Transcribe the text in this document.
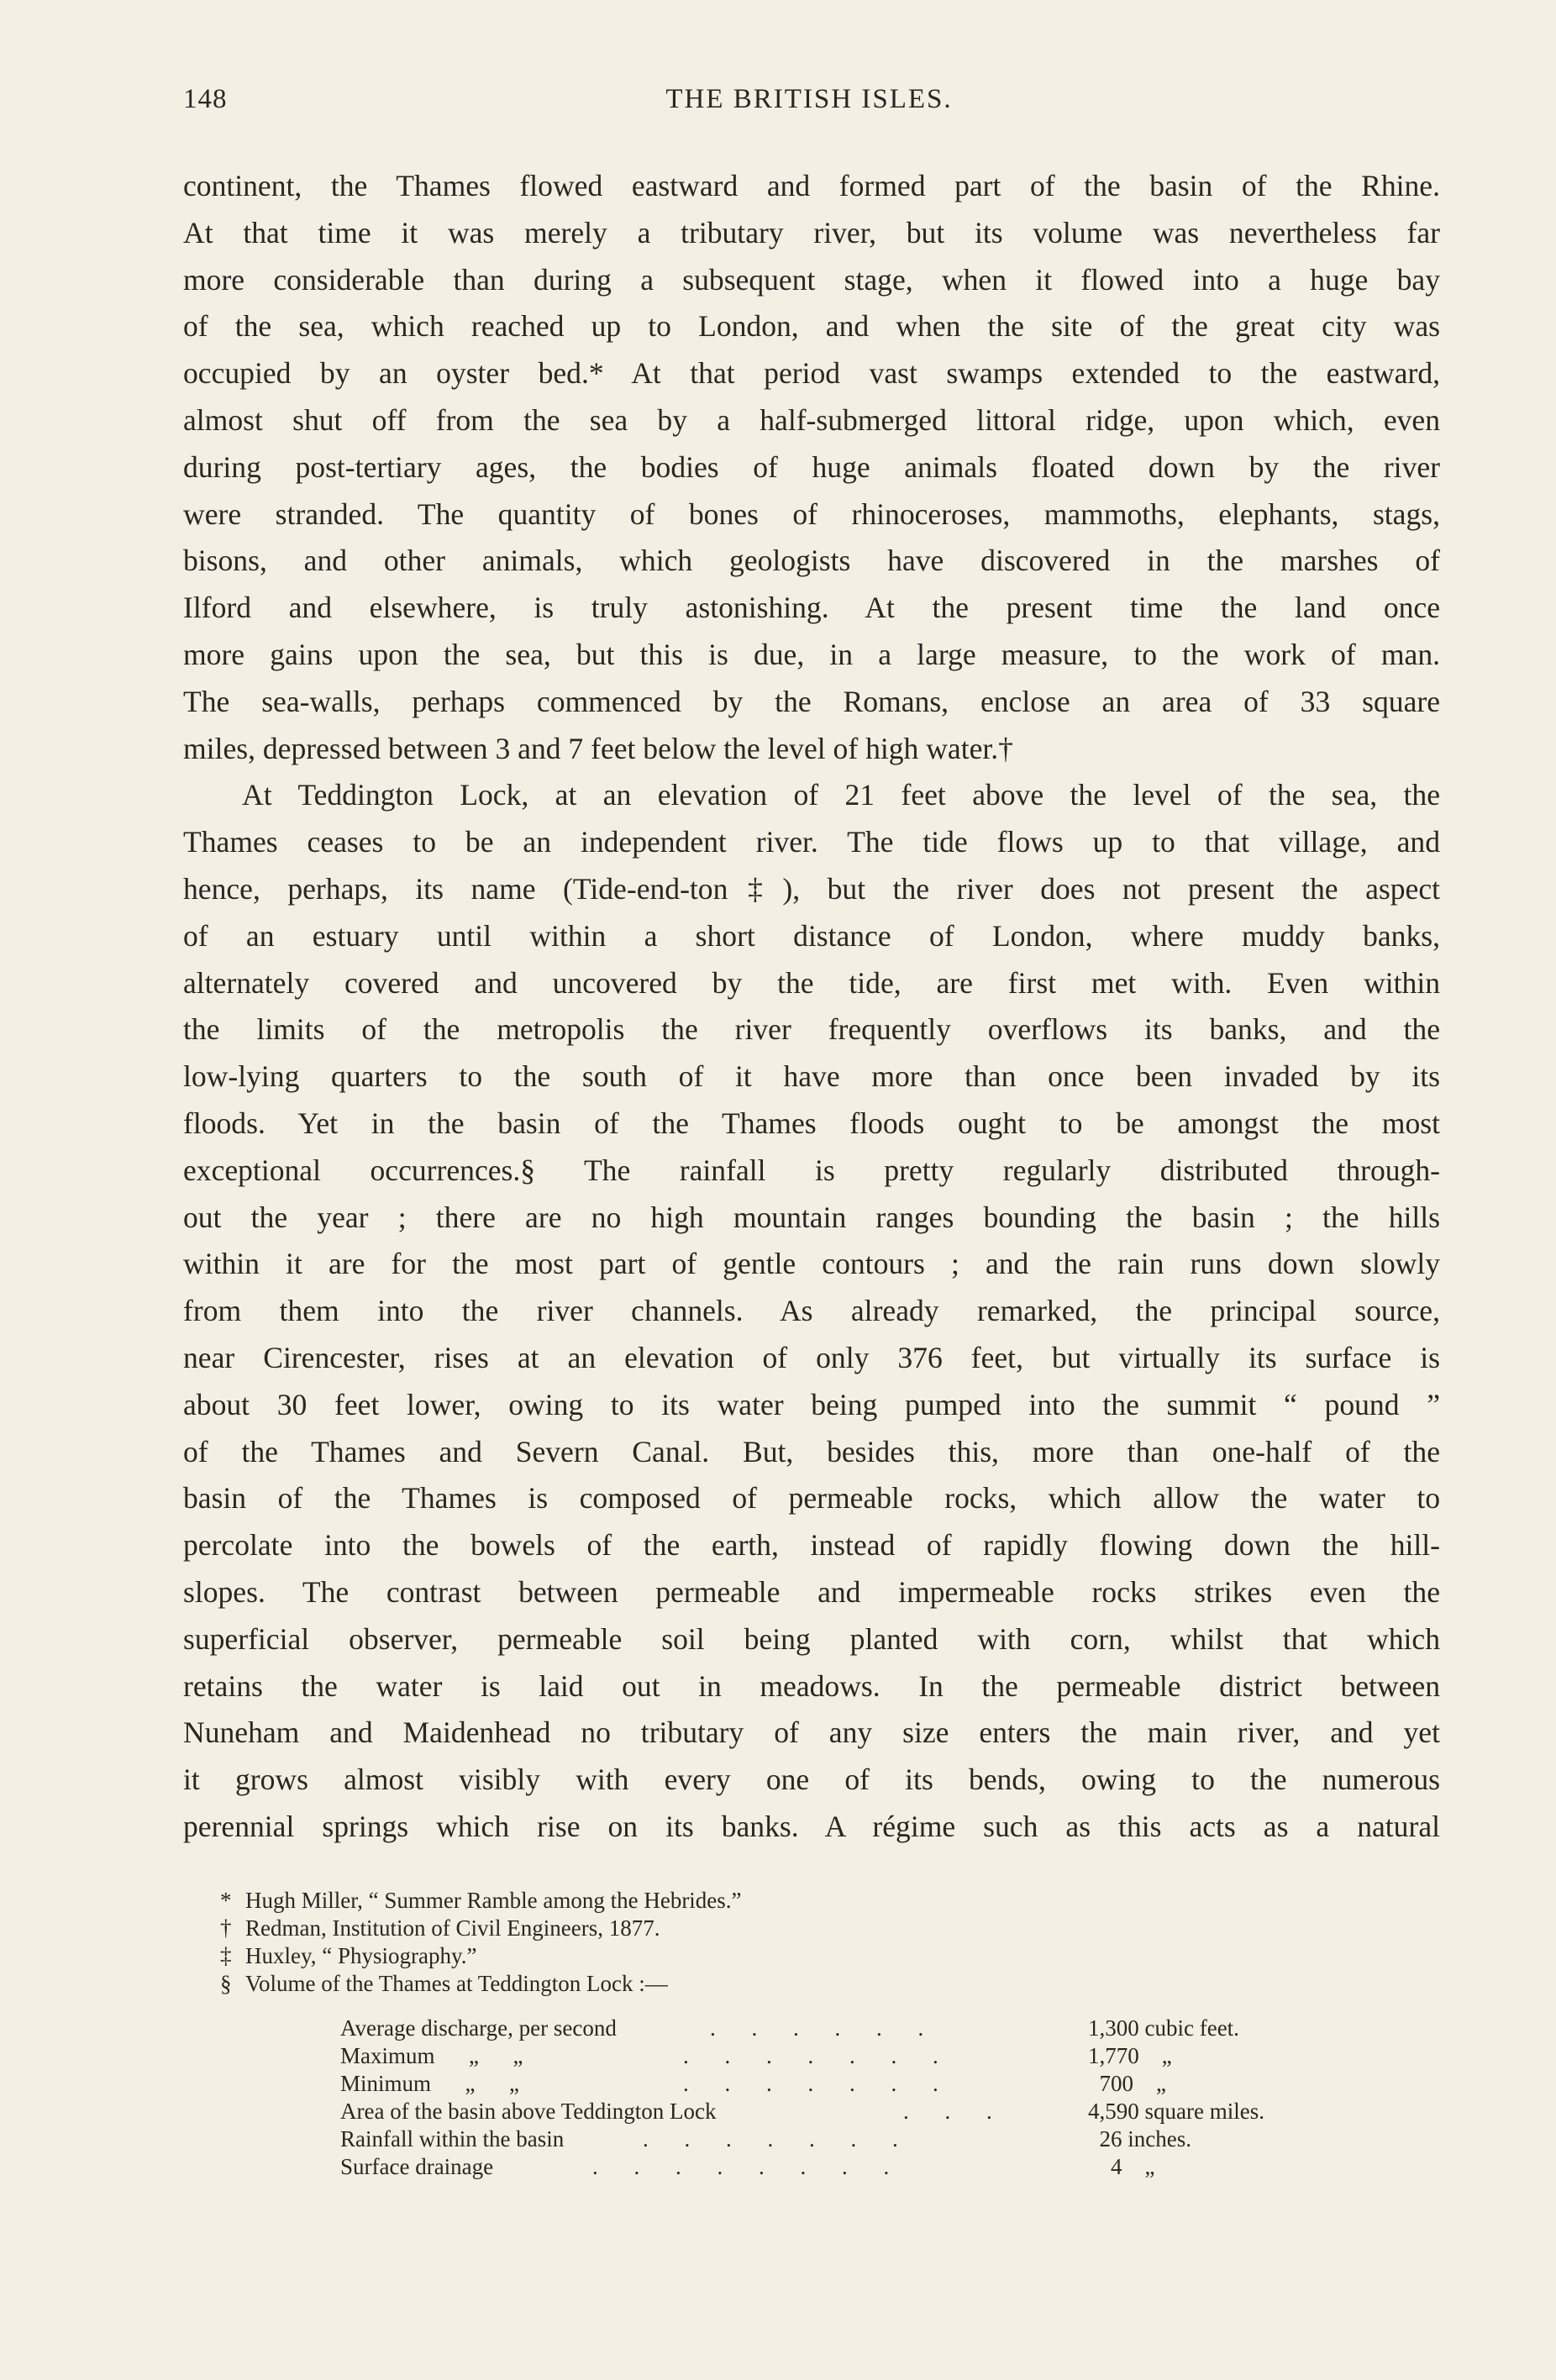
148	THE BRITISH ISLES.

continent, the Thames flowed eastward and formed part of the basin of the Rhine.
At that time it was merely a tributary river, but its volume was nevertheless far
more considerable than during a subsequent stage, when it flowed into a huge bay
of the sea, which reached up to London, and when the site of the great city was
occupied by an oyster bed.* At that period vast swamps extended to the eastward,
almost shut off from the sea by a half-submerged littoral ridge, upon which, even
during post-tertiary ages, the bodies of huge animals floated down by the river
were stranded. The quantity of bones of rhinoceroses, mammoths, elephants, stags,
bisons, and other animals, which geologists have discovered in the marshes of
Ilford and elsewhere, is truly astonishing. At the present time the land once
more gains upon the sea, but this is due, in a large measure, to the work of man.
The sea-walls, perhaps commenced by the Romans, enclose an area of 33 square
miles, depressed between 3 and 7 feet below the level of high water.†

At Teddington Lock, at an elevation of 21 feet above the level of the sea, the
Thames ceases to be an independent river. The tide flows up to that village, and
hence, perhaps, its name (Tide-end-ton‡), but the river does not present the aspect
of an estuary until within a short distance of London, where muddy banks,
alternately covered and uncovered by the tide, are first met with. Even within
the limits of the metropolis the river frequently overflows its banks, and the
low-lying quarters to the south of it have more than once been invaded by its
floods. Yet in the basin of the Thames floods ought to be amongst the most
exceptional occurrences.§ The rainfall is pretty regularly distributed through-
out the year ; there are no high mountain ranges bounding the basin ; the hills
within it are for the most part of gentle contours ; and the rain runs down slowly
from them into the river channels. As already remarked, the principal source,
near Cirencester, rises at an elevation of only 376 feet, but virtually its surface is
about 30 feet lower, owing to its water being pumped into the summit “ pound ”
of the Thames and Severn Canal. But, besides this, more than one-half of the
basin of the Thames is composed of permeable rocks, which allow the water to
percolate into the bowels of the earth, instead of rapidly flowing down the hill-
slopes. The contrast between permeable and impermeable rocks strikes even the
superficial observer, permeable soil being planted with corn, whilst that which
retains the water is laid out in meadows. In the permeable district between
Nuneham and Maidenhead no tributary of any size enters the main river, and yet
it grows almost visibly with every one of its bends, owing to the numerous
perennial springs which rise on its banks. A régime such as this acts as a natural

* Hugh Miller, “ Summer Ramble among the Hebrides.”
† Redman, Institution of Civil Engineers, 1877.
‡ Huxley, “ Physiography.”
§ Volume of the Thames at Teddington Lock :—
Average discharge, per second	. . . . . .	1,300 cubic feet.
Maximum      „      „	. . . . . . .	1,770    „
Minimum      „      „	. . . . . . .	700    „
Area of the basin above Teddington Lock	. . .	4,590 square miles.
Rainfall within the basin	. . . . . . .	26 inches.
Surface drainage	. . . . . . . .	4    „
